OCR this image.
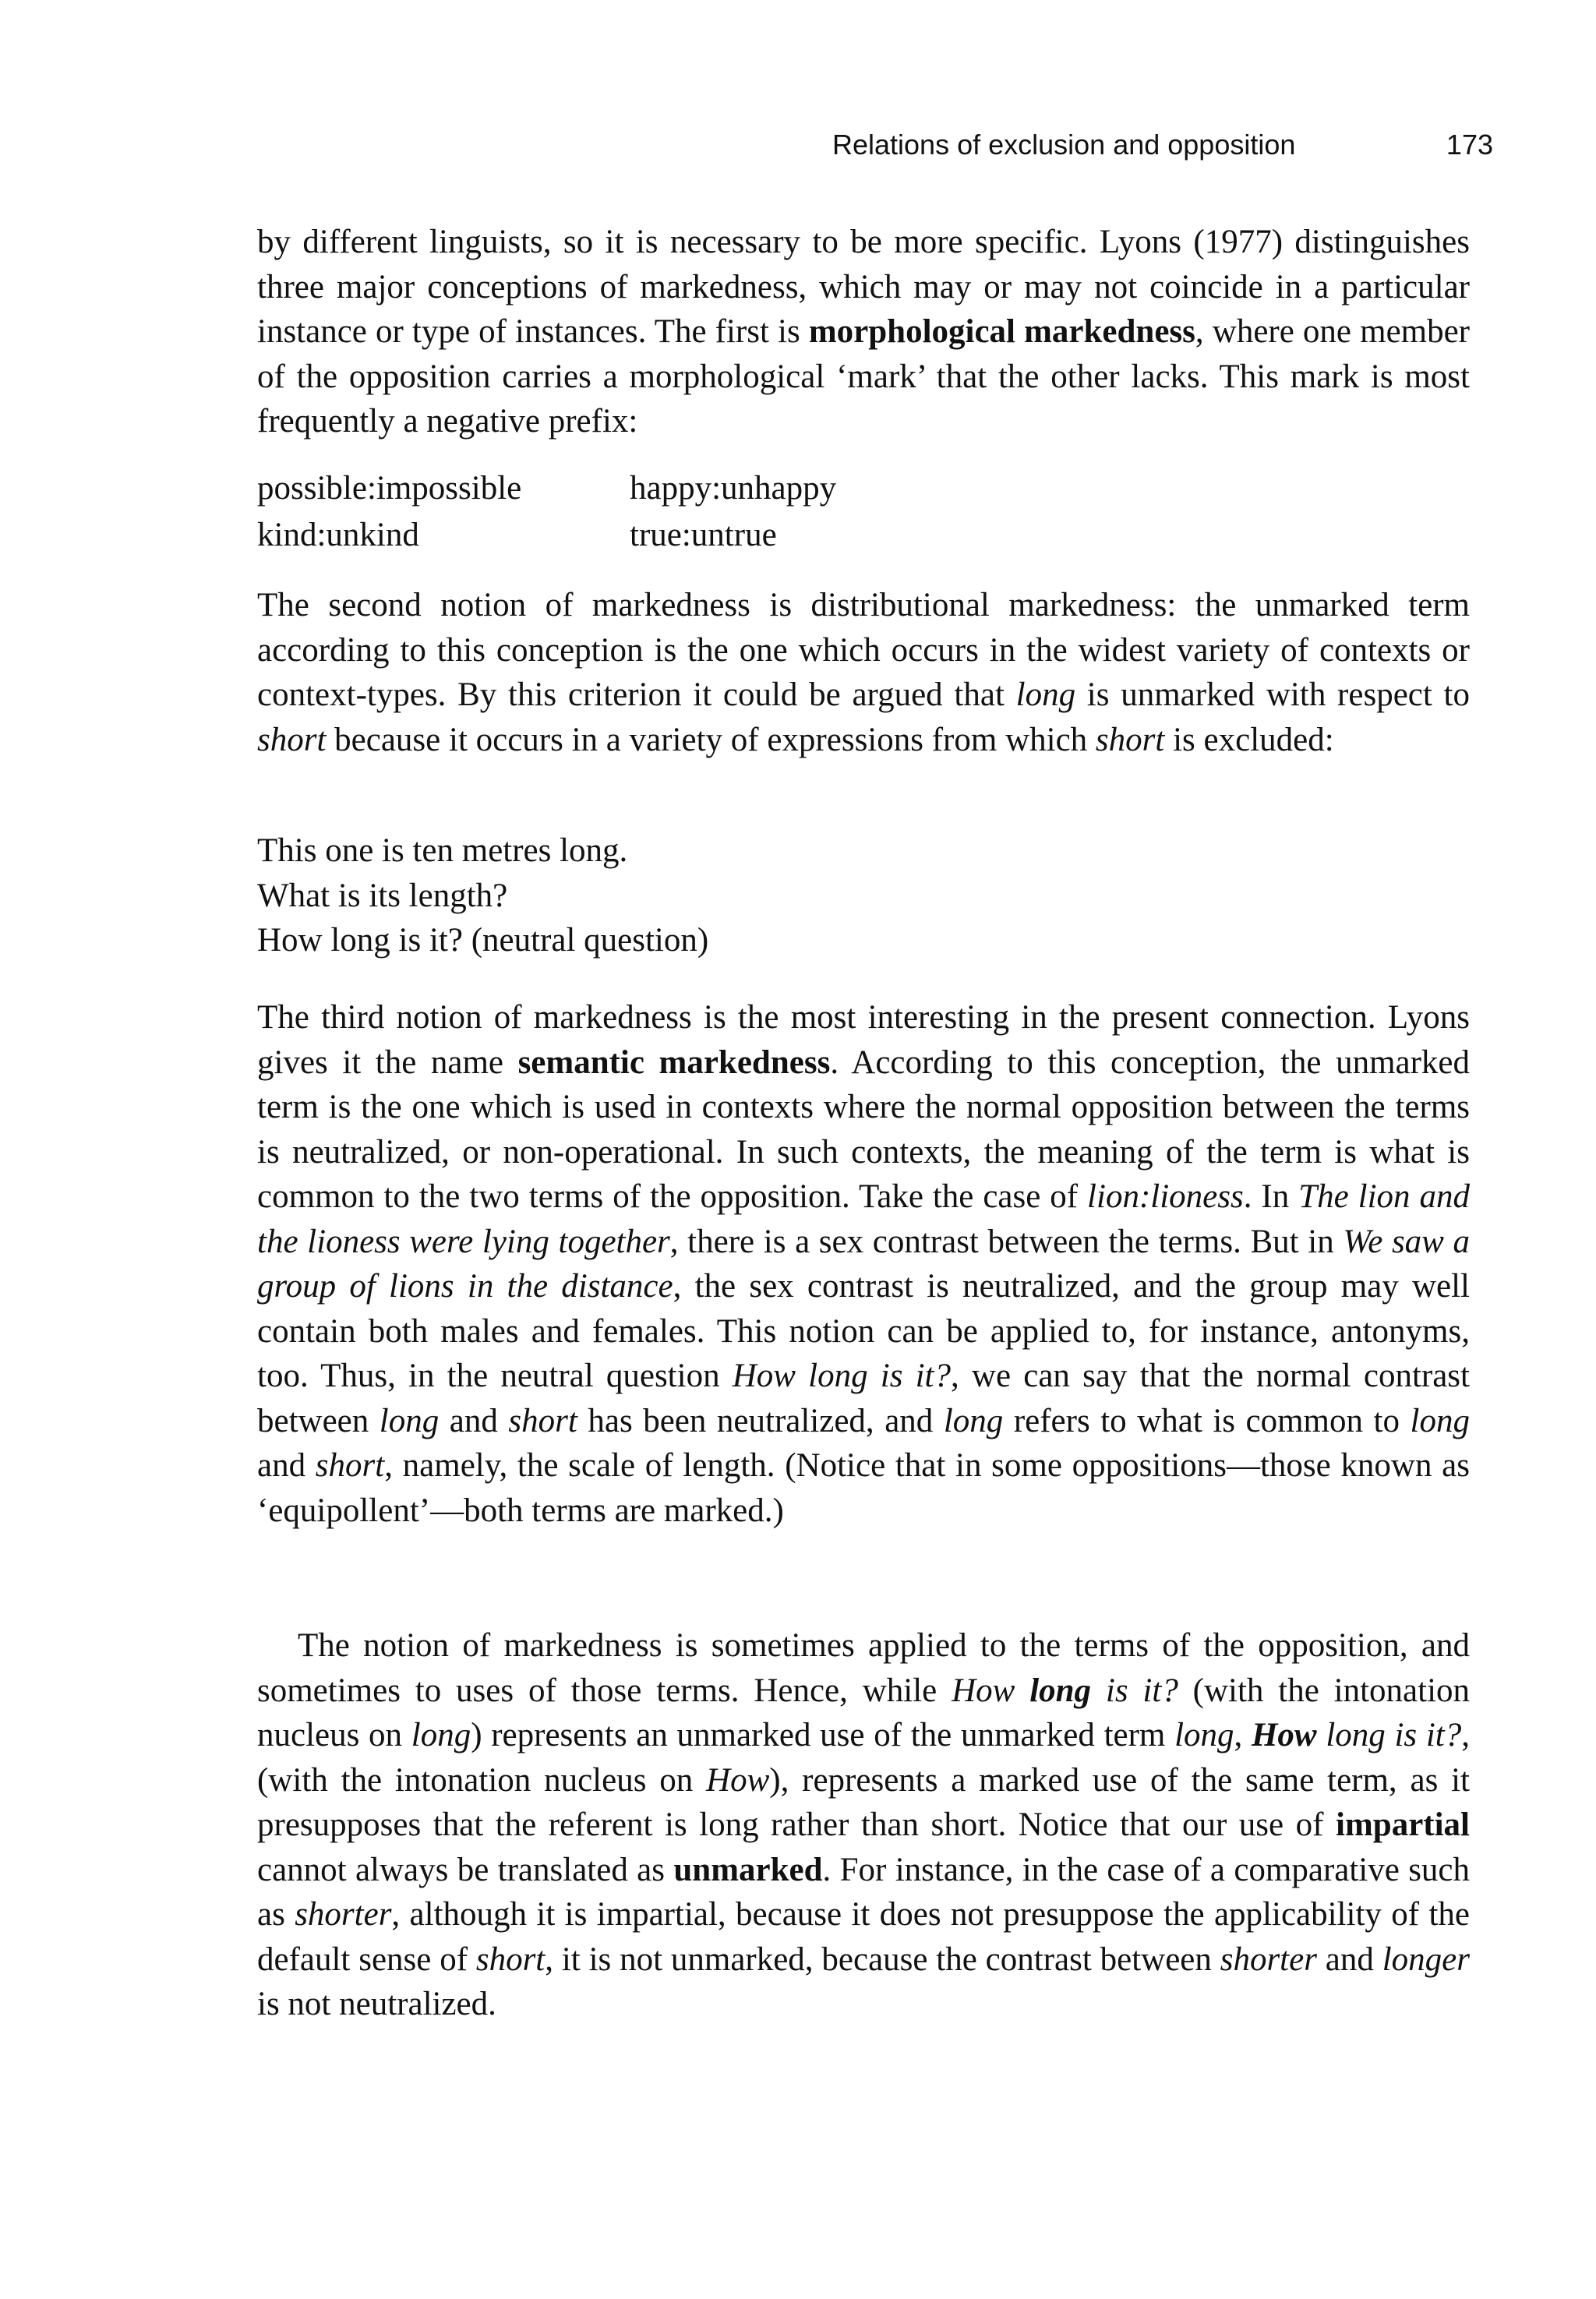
Relations of exclusion and opposition	173

by different linguists, so it is necessary to be more specific. Lyons (1977) distinguishes three major conceptions of markedness, which may or may not coincide in a particular instance or type of instances. The first is morphological markedness, where one member of the opposition carries a morphological ‘mark’ that the other lacks. This mark is most frequently a negative prefix:

possible:impossible	happy:unhappy
kind:unkind	true:untrue

The second notion of markedness is distributional markedness: the unmarked term according to this conception is the one which occurs in the widest variety of contexts or context-types. By this criterion it could be argued that long is unmarked with respect to short because it occurs in a variety of expressions from which short is excluded:

This one is ten metres long.
What is its length?
How long is it? (neutral question)

The third notion of markedness is the most interesting in the present connection. Lyons gives it the name semantic markedness. According to this conception, the unmarked term is the one which is used in contexts where the normal opposition between the terms is neutralized, or non-operational. In such contexts, the meaning of the term is what is common to the two terms of the opposition. Take the case of lion:lioness. In The lion and the lioness were lying together, there is a sex contrast between the terms. But in We saw a group of lions in the distance, the sex contrast is neutralized, and the group may well contain both males and females. This notion can be applied to, for instance, antonyms, too. Thus, in the neutral question How long is it?, we can say that the normal contrast between long and short has been neutralized, and long refers to what is common to long and short, namely, the scale of length. (Notice that in some oppositions—those known as ‘equipollent’—both terms are marked.)

The notion of markedness is sometimes applied to the terms of the opposition, and sometimes to uses of those terms. Hence, while How long is it? (with the intonation nucleus on long) represents an unmarked use of the unmarked term long, How long is it?, (with the intonation nucleus on How), represents a marked use of the same term, as it presupposes that the referent is long rather than short. Notice that our use of impartial cannot always be translated as unmarked. For instance, in the case of a comparative such as shorter, although it is impartial, because it does not presuppose the applicability of the default sense of short, it is not unmarked, because the contrast between shorter and longer is not neutralized.
